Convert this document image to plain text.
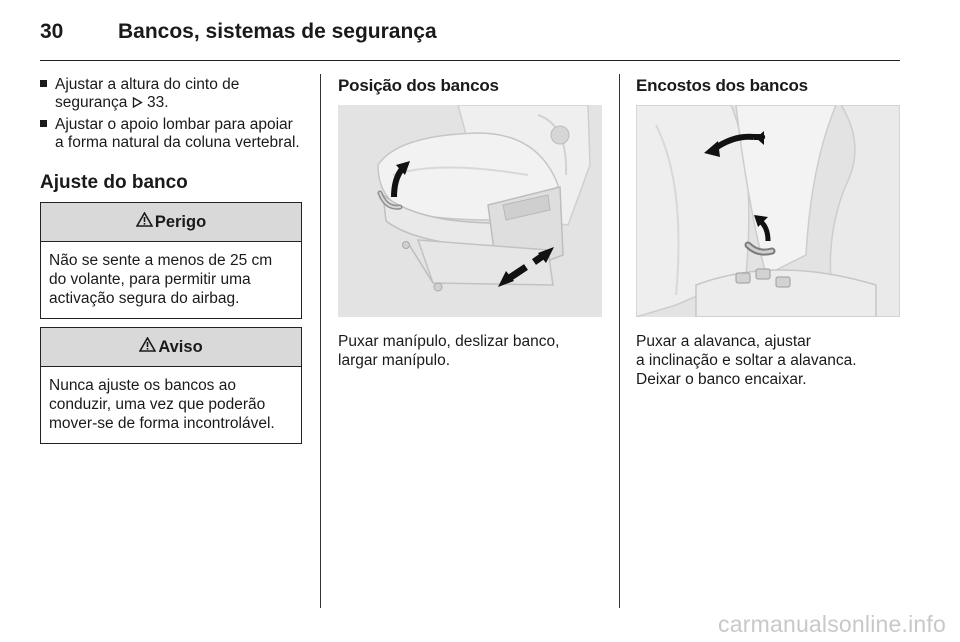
30	Bancos, sistemas de segurança
Ajustar a altura do cinto de
segurança 33.
Ajustar o apoio lombar para apoiar a forma natural da coluna vertebral.
Ajuste do banco
Perigo
Não se sente a menos de 25 cm do volante, para permitir uma activação segura do airbag.
Aviso
Nunca ajuste os bancos ao conduzir, uma vez que poderão mover-se de forma incontrolável.
Posição dos bancos
Puxar manípulo, deslizar banco, largar manípulo.
Encostos dos bancos
Puxar a alavanca, ajustar
a inclinação e soltar a alavanca.
Deixar o banco encaixar.
carmanualsonline.info
